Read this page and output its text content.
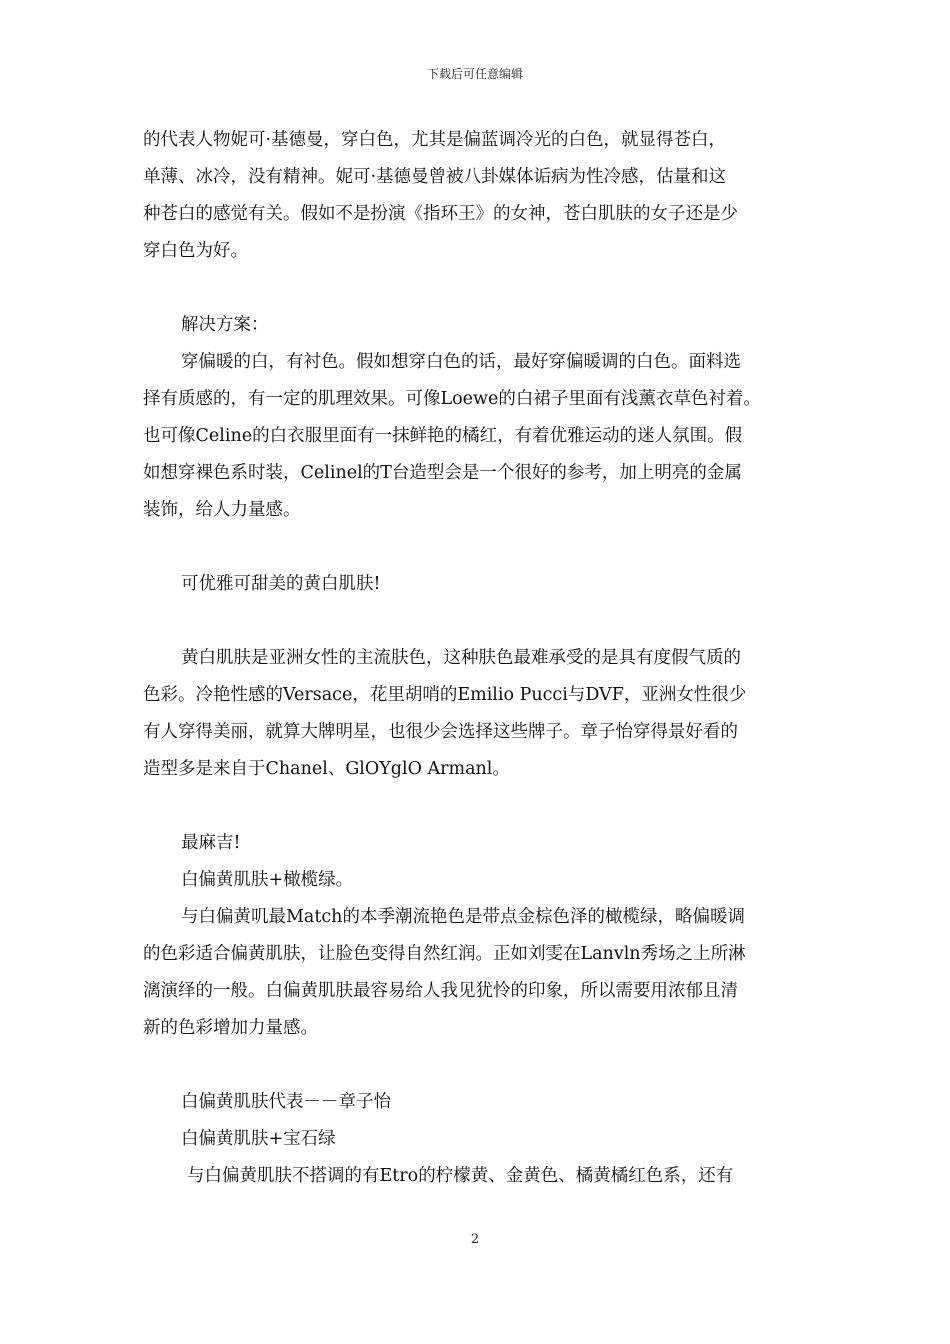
下载后可任意编辑
的代表人物妮可·基德曼，穿白色，尤其是偏蓝调冷光的白色，就显得苍白，
单薄、冰冷，没有精神。妮可·基德曼曾被八卦媒体诟病为性冷感，估量和这
种苍白的感觉有关。假如不是扮演《指环王》的女神，苍白肌肤的女子还是少
穿白色为好。
解决方案：
穿偏暖的白，有衬色。假如想穿白色的话，最好穿偏暖调的白色。面料选
择有质感的，有一定的肌理效果。可像Loewe的白裙子里面有浅薰衣草色衬着。
也可像Celine的白衣服里面有一抹鲜艳的橘红，有着优雅运动的迷人氛围。假
如想穿裸色系时装，Celinel的T台造型会是一个很好的参考，加上明亮的金属
装饰，给人力量感。
可优雅可甜美的黄白肌肤!
黄白肌肤是亚洲女性的主流肤色，这种肤色最难承受的是具有度假气质的
色彩。冷艳性感的Versace，花里胡哨的Emilio Pucci与DVF，亚洲女性很少
有人穿得美丽，就算大牌明星，也很少会选择这些牌子。章子怡穿得景好看的
造型多是来自于Chanel、GlOYglO Armanl。
最麻吉!
白偏黄肌肤+橄榄绿。
与白偏黄叽最Match的本季潮流艳色是带点金棕色泽的橄榄绿，略偏暖调
的色彩适合偏黄肌肤，让脸色变得自然红润。正如刘雯在Lanvln秀场之上所淋
漓演绎的一般。白偏黄肌肤最容易给人我见犹怜的印象，所以需要用浓郁且清
新的色彩增加力量感。
白偏黄肌肤代表－－章子怡
白偏黄肌肤+宝石绿
与白偏黄肌肤不搭调的有Etro的柠檬黄、金黄色、橘黄橘红色系，还有
2
